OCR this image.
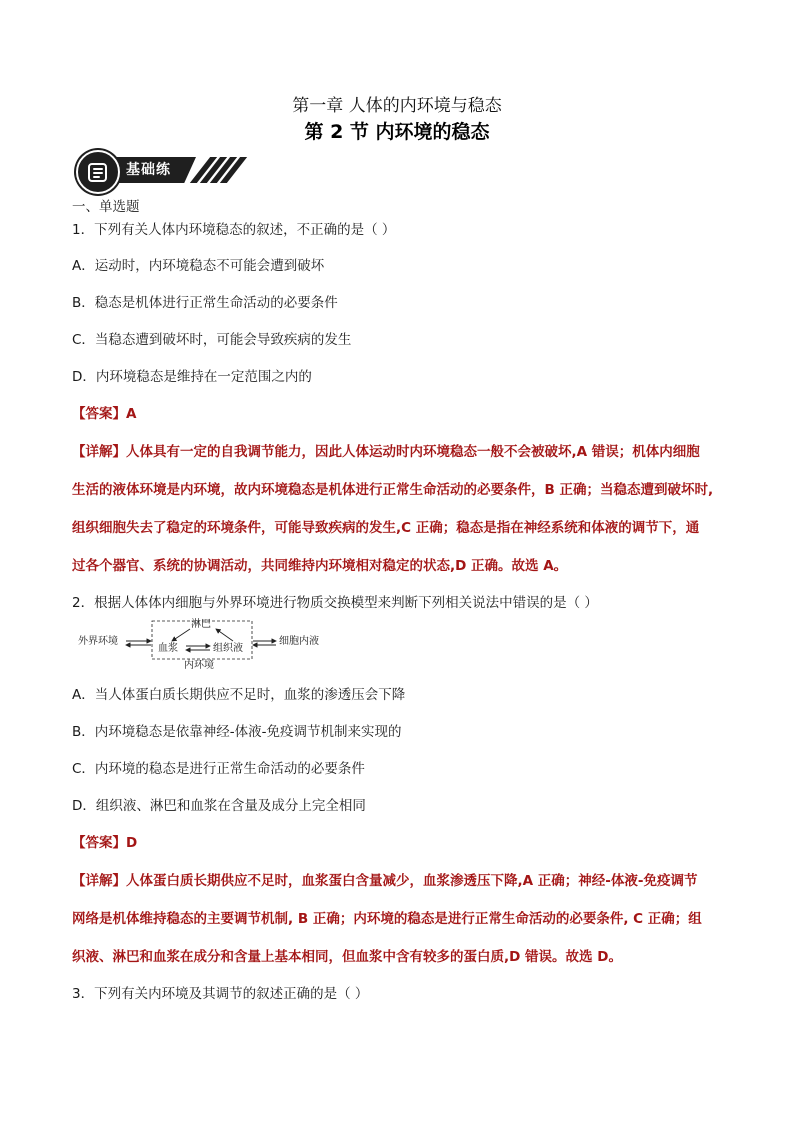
第一章 人体的内环境与稳态
第 2 节 内环境的稳态
基础练

一、单选题

1．下列有关人体内环境稳态的叙述，不正确的是（ ）

A．运动时，内环境稳态不可能会遭到破坏

B．稳态是机体进行正常生命活动的必要条件

C．当稳态遭到破坏时，可能会导致疾病的发生

D．内环境稳态是维持在一定范围之内的

【答案】A

【详解】人体具有一定的自我调节能力，因此人体运动时内环境稳态一般不会被破坏,A 错误；机体内细胞

生活的液体环境是内环境，故内环境稳态是机体进行正常生命活动的必要条件，B 正确；当稳态遭到破坏时,

组织细胞失去了稳定的环境条件，可能导致疾病的发生,C 正确；稳态是指在神经系统和体液的调节下，通

过各个器官、系统的协调活动，共同维持内环境相对稳定的状态,D 正确。故选 A。

2．根据人体体内细胞与外界环境进行物质交换模型来判断下列相关说法中错误的是（ ）

外界环境
淋巴
血浆	组织液
内环境
细胞内液

A．当人体蛋白质长期供应不足时，血浆的渗透压会下降

B．内环境稳态是依靠神经-体液-免疫调节机制来实现的

C．内环境的稳态是进行正常生命活动的必要条件

D．组织液、淋巴和血浆在含量及成分上完全相同

【答案】D

【详解】人体蛋白质长期供应不足时，血浆蛋白含量减少，血浆渗透压下降,A 正确；神经-体液-免疫调节

网络是机体维持稳态的主要调节机制, B 正确；内环境的稳态是进行正常生命活动的必要条件, C 正确；组

织液、淋巴和血浆在成分和含量上基本相同，但血浆中含有较多的蛋白质,D 错误。故选 D。

3．下列有关内环境及其调节的叙述正确的是（ ）
